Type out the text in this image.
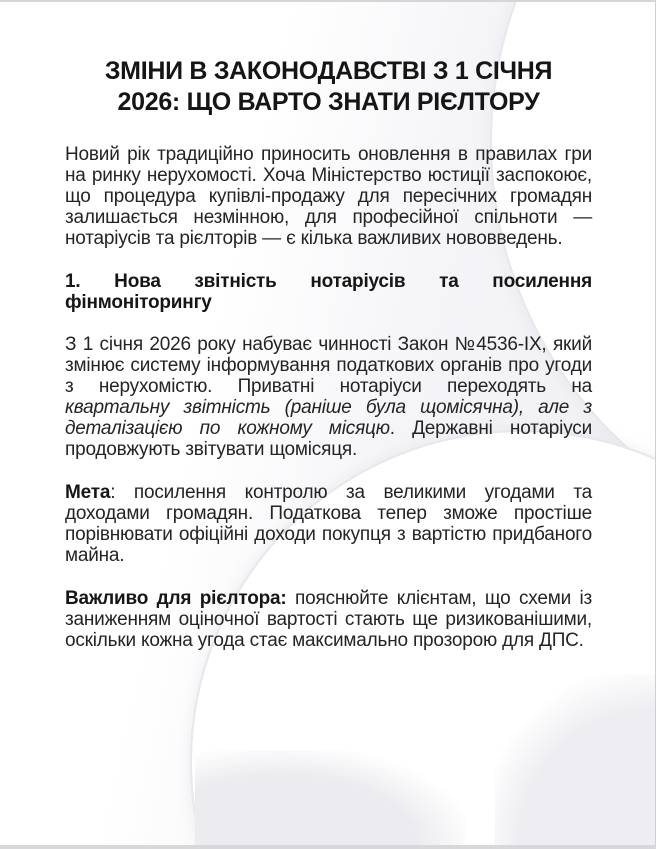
ЗМІНИ В ЗАКОНОДАВСТВІ З 1 СІЧНЯ
2026: ЩО ВАРТО ЗНАТИ РІЄЛТОРУ

Новий рік традиційно приносить оновлення в правилах гри на ринку нерухомості. Хоча Міністерство юстиції заспокоює, що процедура купівлі-продажу для пересічних громадян залишається незмінною, для професійної спільноти — нотаріусів та рієлторів — є кілька важливих нововведень.

1. Нова звітність нотаріусів та посилення фінмоніторингу

З 1 січня 2026 року набуває чинності Закон №4536-IX, який змінює систему інформування податкових органів про угоди з нерухомістю. Приватні нотаріуси переходять на квартальну звітність (раніше була щомісячна), але з деталізацією по кожному місяцю. Державні нотаріуси продовжують звітувати щомісяця.

Мета: посилення контролю за великими угодами та доходами громадян. Податкова тепер зможе простіше порівнювати офіційні доходи покупця з вартістю придбаного майна.

Важливо для рієлтора: пояснюйте клієнтам, що схеми із заниженням оціночної вартості стають ще ризикованішими, оскільки кожна угода стає максимально прозорою для ДПС.
